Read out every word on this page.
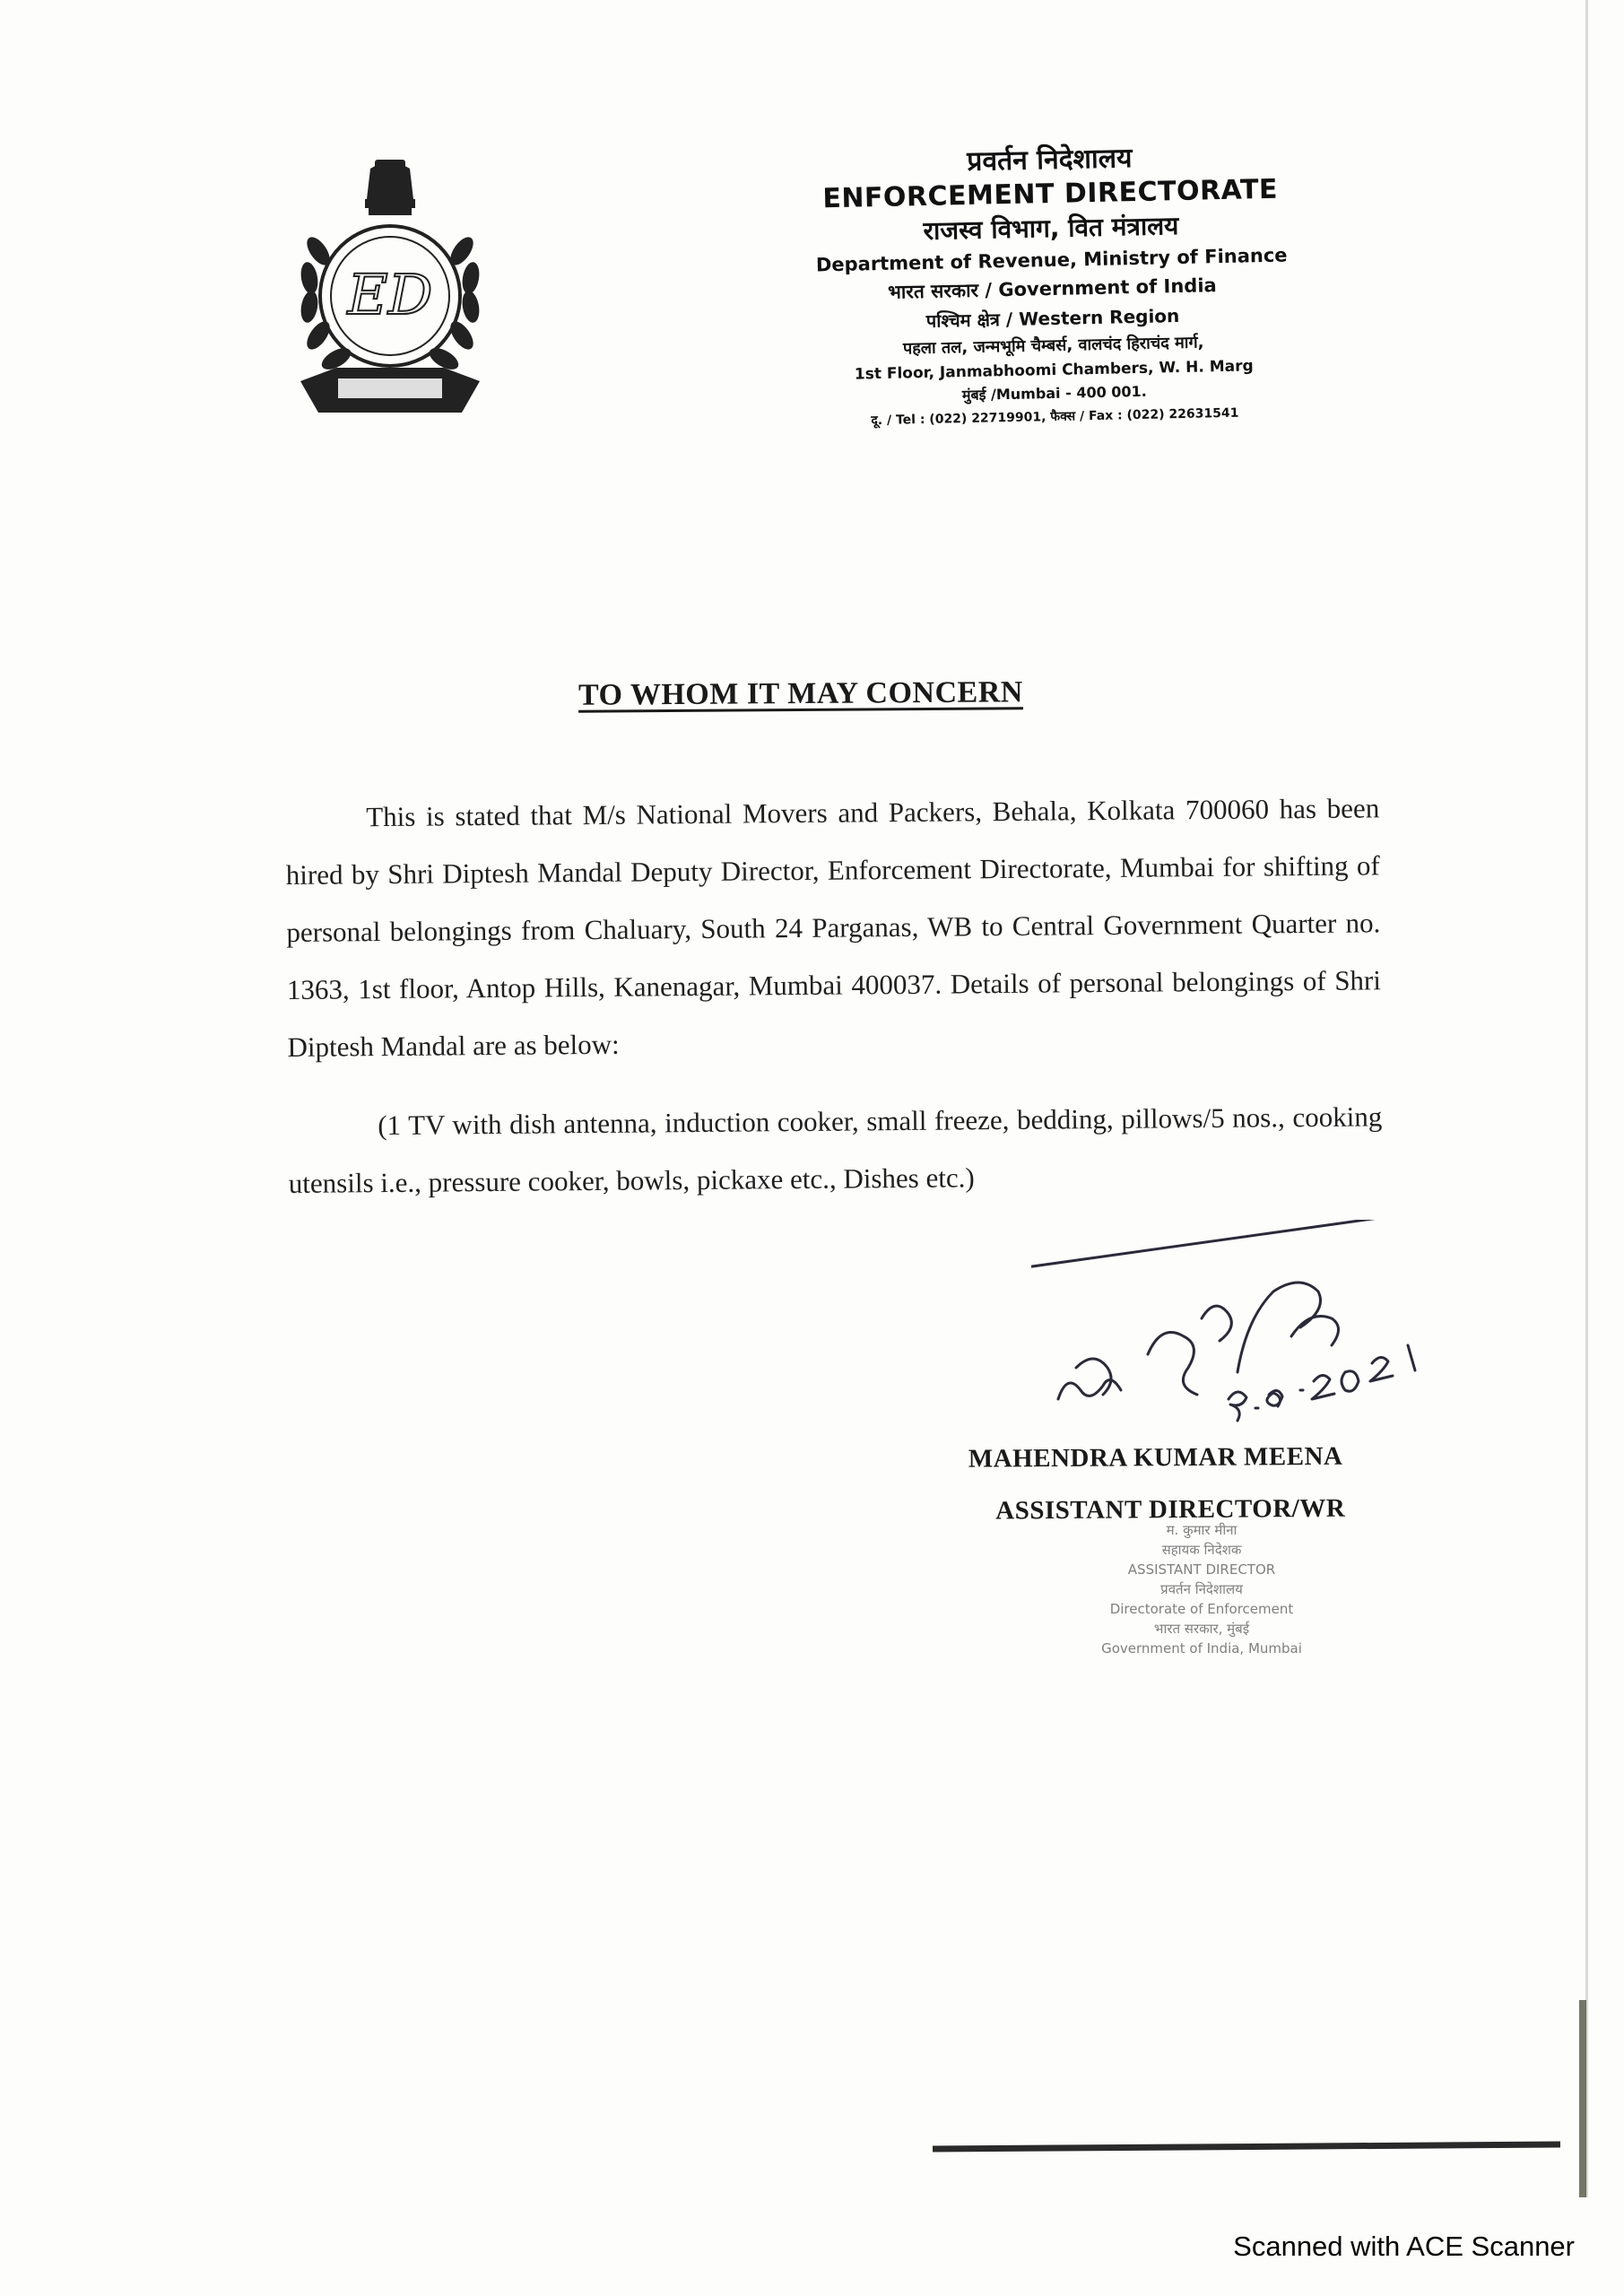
ED
प्रवर्तन निदेशालय
ENFORCEMENT DIRECTORATE
राजस्व विभाग, वित मंत्रालय
Department of Revenue, Ministry of Finance
भारत सरकार / Government of India
पश्चिम क्षेत्र / Western Region
पहला तल, जन्मभूमि चैम्बर्स, वालचंद हिराचंद मार्ग,
1st Floor, Janmabhoomi Chambers, W. H. Marg
मुंबई /Mumbai - 400 001.
दू. / Tel : (022) 22719901, फैक्स / Fax : (022) 22631541
TO WHOM IT MAY CONCERN

This is stated that M/s National Movers and Packers, Behala, Kolkata 700060 has been hired by Shri Diptesh Mandal Deputy Director, Enforcement Directorate, Mumbai for shifting of personal belongings from Chaluary, South 24 Parganas, WB to Central Government Quarter no. 1363, 1st floor, Antop Hills, Kanenagar, Mumbai 400037. Details of personal belongings of Shri Diptesh Mandal are as below:

(1 TV with dish antenna, induction cooker, small freeze, bedding, pillows/5 nos., cooking utensils i.e., pressure cooker, bowls, pickaxe etc., Dishes etc.)

MAHENDRA KUMAR MEENA
ASSISTANT DIRECTOR/WR
म. कुमार मीना
सहायक निदेशक
ASSISTANT DIRECTOR
प्रवर्तन निदेशालय
Directorate of Enforcement
भारत सरकार, मुंबई
Government of India, Mumbai
Scanned with ACE Scanner
